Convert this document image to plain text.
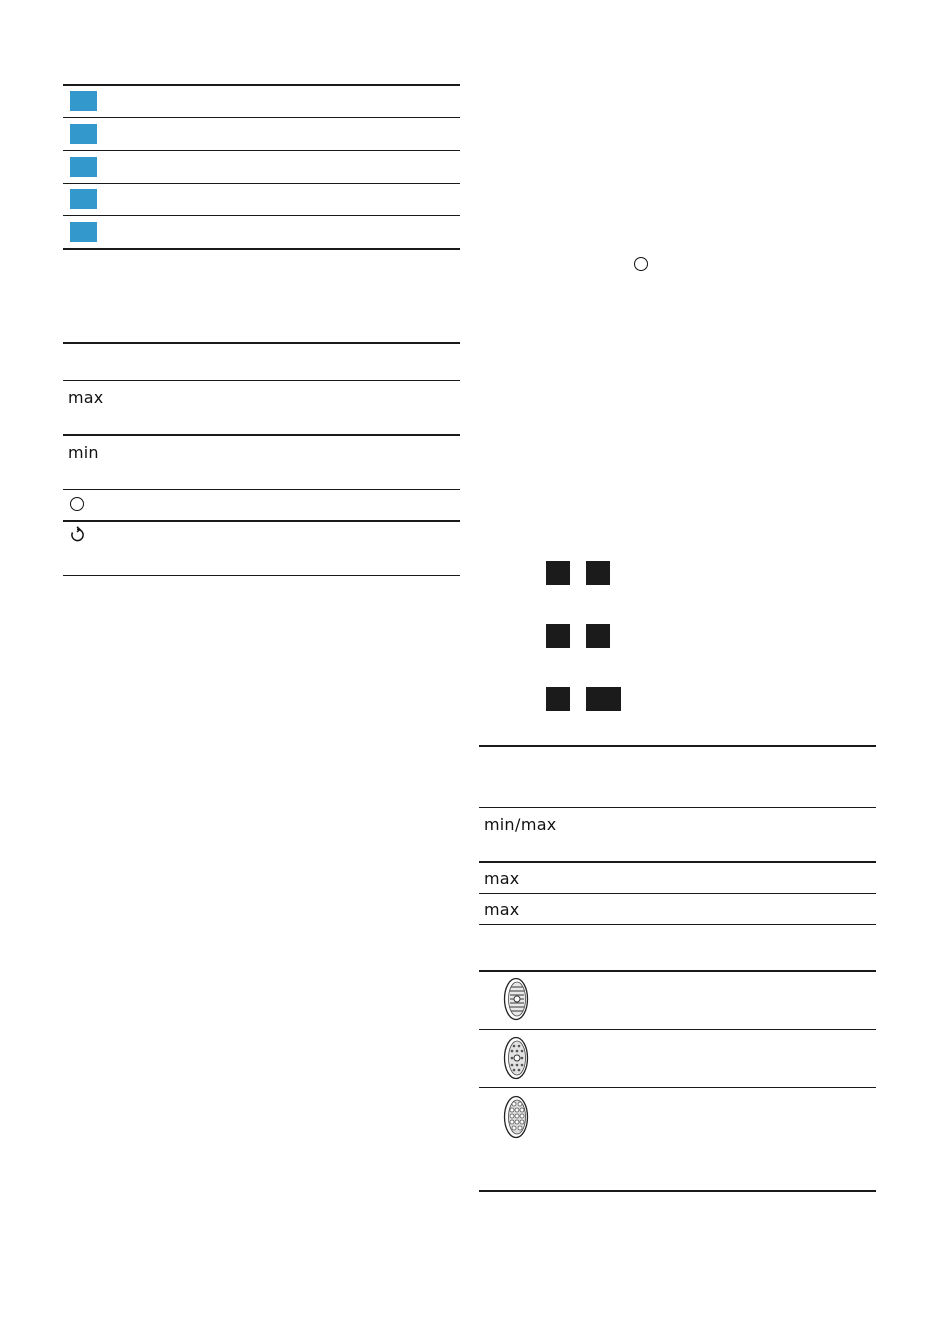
max
min
min / max
max
max
